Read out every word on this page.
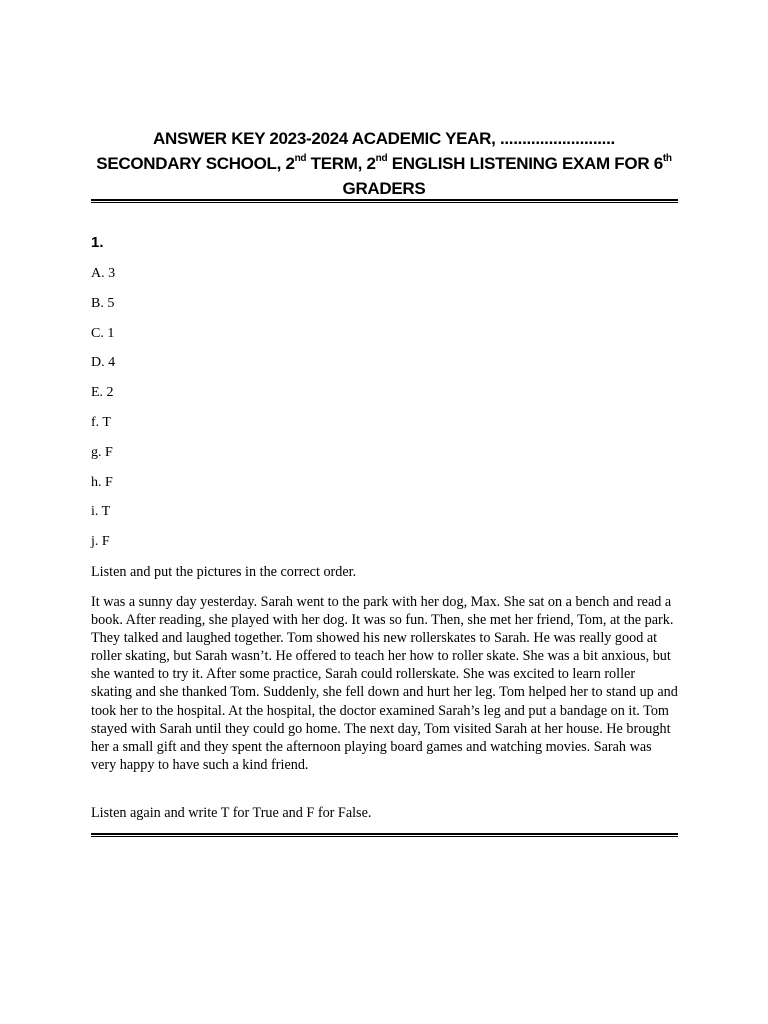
ANSWER KEY 2023-2024 ACADEMIC YEAR, ..........................
SECONDARY SCHOOL, 2nd TERM, 2nd ENGLISH LISTENING EXAM FOR 6th
GRADERS
1.
A. 3
B. 5
C. 1
D. 4
E. 2
f. T
g. F
h. F
i. T
j. F

Listen and put the pictures in the correct order.

It was a sunny day yesterday. Sarah went to the park with her dog, Max. She sat on a bench and read a book. After reading, she played with her dog. It was so fun. Then, she met her friend, Tom, at the park. They talked and laughed together. Tom showed his new rollerskates to Sarah. He was really good at roller skating, but Sarah wasn’t. He offered to teach her how to roller skate. She was a bit anxious, but she wanted to try it. After some practice, Sarah could rollerskate. She was excited to learn roller skating and she thanked Tom. Suddenly, she fell down and hurt her leg. Tom helped her to stand up and took her to the hospital. At the hospital, the doctor examined Sarah’s leg and put a bandage on it. Tom stayed with Sarah until they could go home. The next day, Tom visited Sarah at her house. He brought her a small gift and they spent the afternoon playing board games and watching movies. Sarah was very happy to have such a kind friend.

Listen again and write T for True and F for False.
